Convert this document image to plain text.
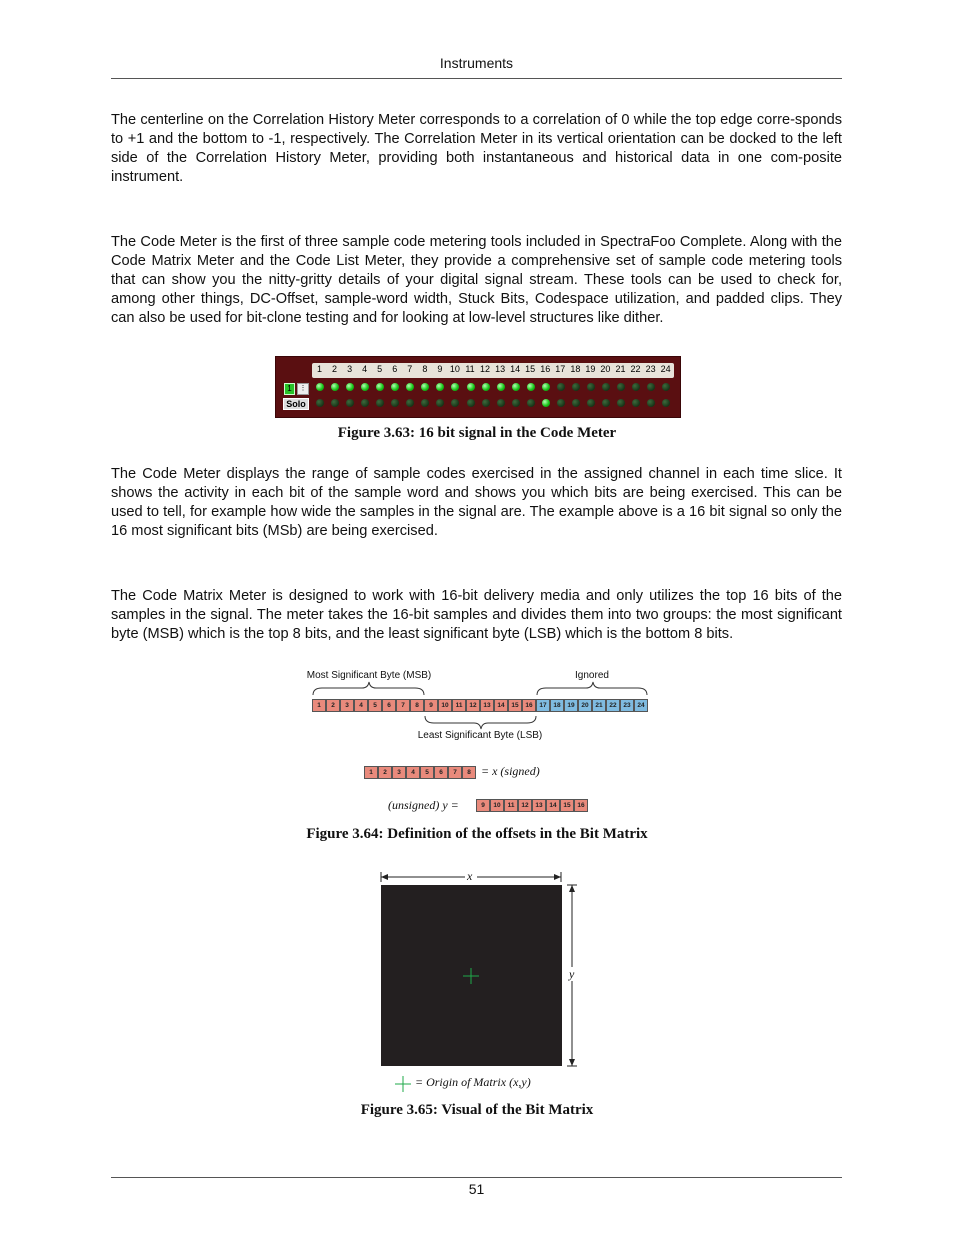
Instruments

The centerline on the Correlation History Meter corresponds to a correlation of 0 while the top edge corre-sponds to +1 and the bottom to -1, respectively. The Correlation Meter in its vertical orientation can be docked to the left side of the Correlation History Meter, providing both instantaneous and historical data in one com-posite instrument.

The Code Meter is the first of three sample code metering tools included in SpectraFoo Complete. Along with the Code Matrix Meter and the Code List Meter, they provide a comprehensive set of sample code metering tools that can show you the nitty-gritty details of your digital signal stream. These tools can be used to check for, among other things, DC-Offset, sample-word width, Stuck Bits, Codespace utilization, and padded clips. They can also be used for bit-clone testing and for looking at low-level structures like dither.

1	2	3	4	5	6	7	8	9 10 11 12 13 14 15 16 17 18 19 20 21 22 23 24
1	⋮
Solo
Figure 3.63: 16 bit signal in the Code Meter

The Code Meter displays the range of sample codes exercised in the assigned channel in each time slice. It shows the activity in each bit of the sample word and shows you which bits are being exercised. This can be used to tell, for example how wide the samples in the signal are. The example above is a 16 bit signal so only the 16 most significant bits (MSb) are being exercised.

The Code Matrix Meter is designed to work with 16-bit delivery media and only utilizes the top 16 bits of the samples in the signal. The meter takes the 16-bit samples and divides them into two groups: the most significant byte (MSB) which is the top 8 bits, and the least significant byte (LSB) which is the bottom 8 bits.

Most Significant Byte (MSB)	Ignored
1	2	3	4	5	6	7	8	9	10	11	12	13	14	15	16	17	18	19	20	21	22	23	24
Least Significant Byte (LSB)
1	2	3	4	5	6	7	8 = x (signed)
(unsigned) y =	9	10	11	12	13	14	15	16
Figure 3.64: Definition of the offsets in the Bit Matrix
x
y
= Origin of Matrix (x,y)
Figure 3.65: Visual of the Bit Matrix
51
